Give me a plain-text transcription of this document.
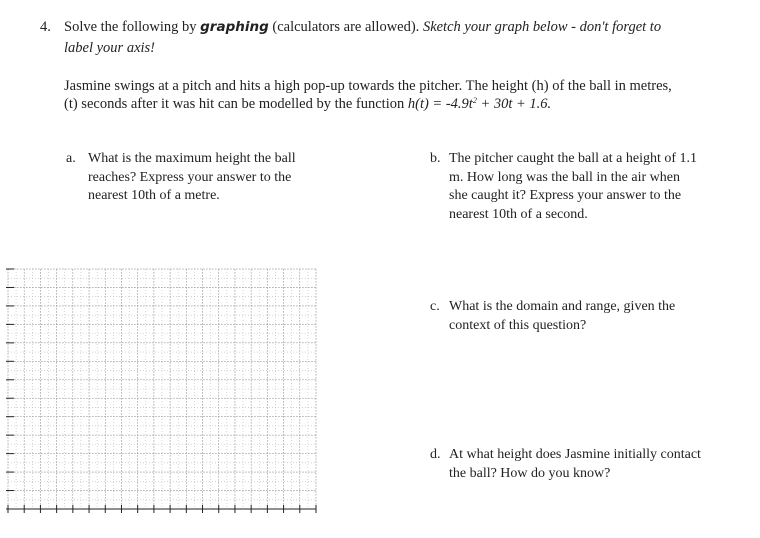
4. Solve the following by graphing (calculators are allowed). Sketch your graph below - don't forget to
label your axis!
Jasmine swings at a pitch and hits a high pop-up towards the pitcher. The height (h) of the ball in metres,
(t) seconds after it was hit can be modelled by the function $h(t) = -4.9t^2 + 30t + 1.6$.
a. What is the maximum height the ball
reaches? Express your answer to the
nearest 10th of a metre.
b. The pitcher caught the ball at a height of 1.1
m. How long was the ball in the air when
she caught it? Express your answer to the
nearest 10th of a second.
c. What is the domain and range, given the
context of this question?
d. At what height does Jasmine initially contact
the ball? How do you know?
